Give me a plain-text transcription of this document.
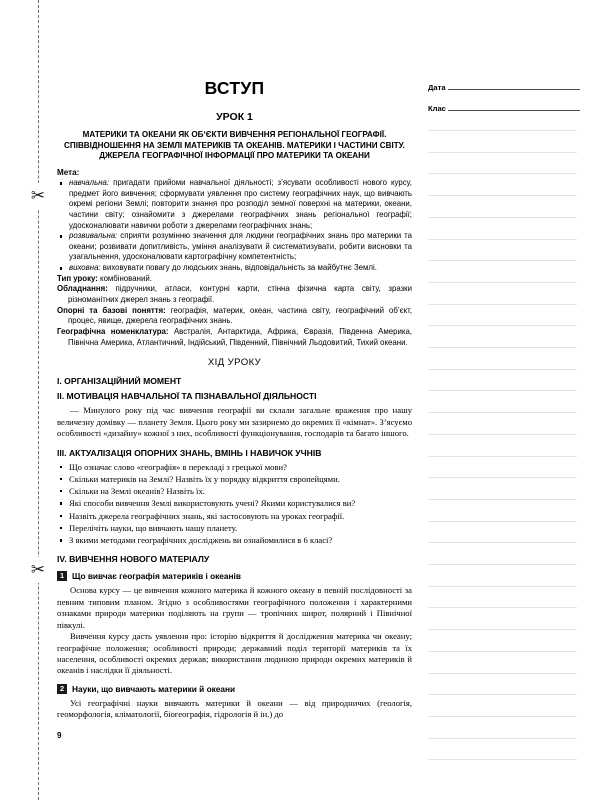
✂
✂
ВСТУП

УРОК 1

МАТЕРИКИ ТА ОКЕАНИ ЯК ОБ‘ЄКТИ ВИВЧЕННЯ РЕГІОНАЛЬНОЇ ГЕОГРАФІЇ. СПІВВІДНОШЕННЯ НА ЗЕМЛІ МАТЕРИКІВ ТА ОКЕАНІВ. МАТЕРИКИ І ЧАСТИНИ СВІТУ. ДЖЕРЕЛА ГЕОГРАФІЧНОЇ ІНФОРМАЦІЇ ПРО МАТЕРИКИ ТА ОКЕАНИ

Мета:

навчальна: пригадати прийоми навчальної діяльності; з’ясувати особливості нового курсу, предмет його вивчення; сформувати уявлення про систему географічних наук, що вивчають окремі регіони Землі; повторити знання про розподіл земної поверхні на материки, океани, частини світу; ознайомити з джерелами географічних знань регіональної географії; удосконалювати навички роботи з джерелами географічних знань;
розвивальна: сприяти розумінню значення для людини географічних знань про материки та океани; розвивати допитливість, уміння аналізувати й систематизувати, робити висновки та узагальнення, удосконалювати картографічну компетентність;
виховна: виховувати повагу до людських знань, відповідальність за майбутнє Землі.

Тип уроку: комбінований.

Обладнання: підручники, атласи, контурні карти, стінна фізична карта світу, зразки різноманітних джерел знань з географії.

Опорні та базові поняття: географія, материк, океан, частина світу, географічний об’єкт, процес, явище, джерела географічних знань.

Географічна номенклатура: Австралія, Антарктида, Африка, Євразія, Південна Америка, Північна Америка, Атлантичний, Індійський, Південний, Північний Льодовитий, Тихий океани.

ХІД УРОКУ

I. ОРГАНІЗАЦІЙНИЙ МОМЕНТ
II. МОТИВАЦІЯ НАВЧАЛЬНОЇ ТА ПІЗНАВАЛЬНОЇ ДІЯЛЬНОСТІ

— Минулого року під час вивчення географії ви склали загальне враження про нашу величезну домівку — планету Земля. Цього року ми зазирнемо до окремих її «кімнат». З’ясуємо особливості «дизайну» кожної з них, особливості функціонування, господарів та багато іншого.

III. АКТУАЛІЗАЦІЯ ОПОРНИХ ЗНАНЬ, ВМІНЬ І НАВИЧОК УЧНІВ
Що означає слово «географія» в перекладі з грецької мови?
Скільки материків на Землі? Назвіть їх у порядку відкриття європейцями.
Скільки на Землі океанів? Назвіть їх.
Які способи вивчення Землі використовують учені? Якими користувалися ви?
Назвіть джерела географічних знань, які застосовують на уроках географії.
Перелічіть науки, що вивчають нашу планету.
З якими методами географічних досліджень ви ознайомилися в 6 класі?
IV. ВИВЧЕННЯ НОВОГО МАТЕРІАЛУ
1 Що вивчає географія материків і океанів

Основа курсу — це вивчення кожного материка й кожного океану в певній послідовності за певним типовим планом. Згідно з особливостями географічного положення і характерними ознаками природи материки поділяють на групи — тропічних широт, полярний і Північної півкулі.

Вивчення курсу дасть уявлення про: історію відкриття й дослідження материка чи океану; географічне положення; особливості природи; державний поділ території материків та їх населення, особливості окремих держав; використання людиною природи окремих материків й океанів і наслідки її діяльності.

2 Науки, що вивчають материки й океани

Усі географічні науки вивчають материки й океани — від природничих (геологія, геоморфологія, кліматології, біогеографія, гідрологія й ін.) до

9
Дата
Клас
